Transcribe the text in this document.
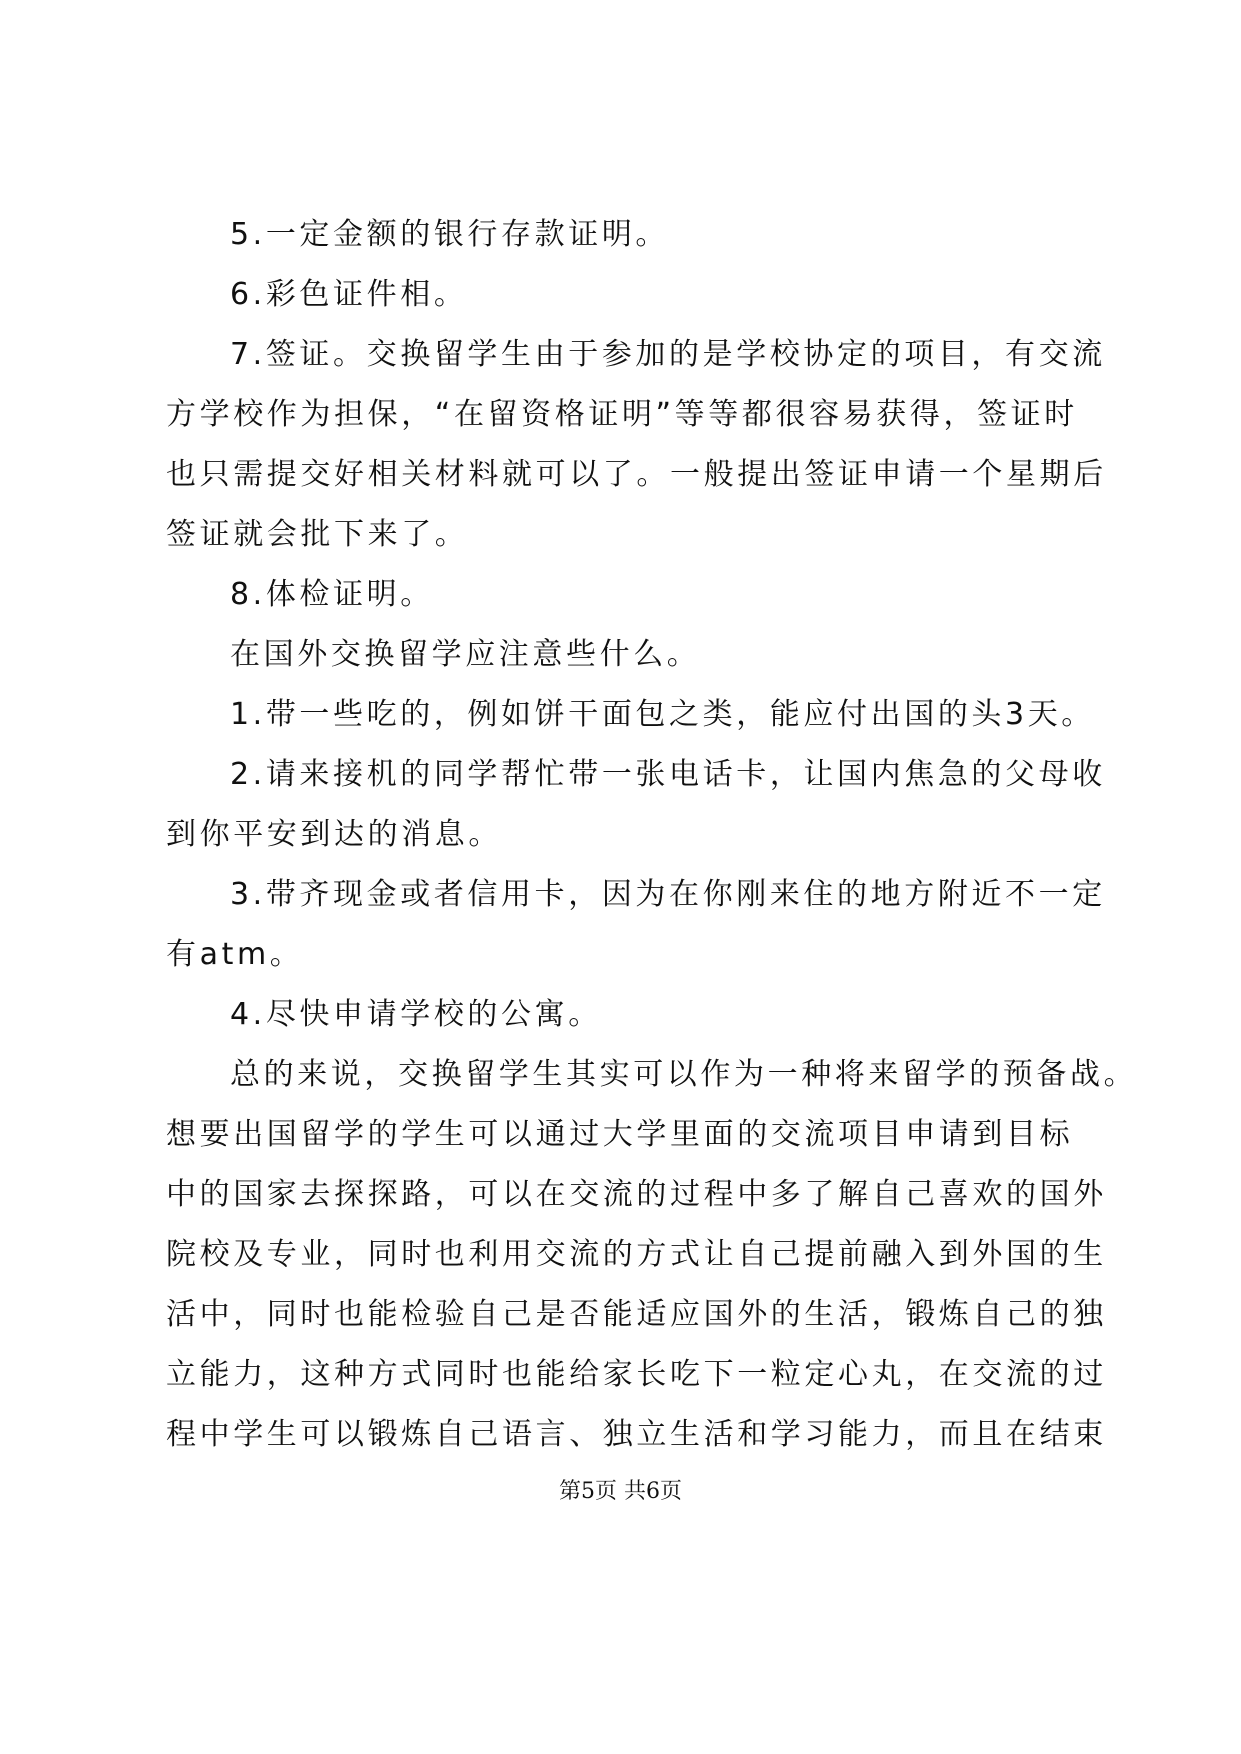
5.一定金额的银行存款证明。
6.彩色证件相。
7.签证。交换留学生由于参加的是学校协定的项目，有交流
方学校作为担保，“在留资格证明”等等都很容易获得，签证时
也只需提交好相关材料就可以了。一般提出签证申请一个星期后
签证就会批下来了。
8.体检证明。
在国外交换留学应注意些什么。
1.带一些吃的，例如饼干面包之类，能应付出国的头3天。
2.请来接机的同学帮忙带一张电话卡，让国内焦急的父母收
到你平安到达的消息。
3.带齐现金或者信用卡，因为在你刚来住的地方附近不一定
有atm。
4.尽快申请学校的公寓。
总的来说，交换留学生其实可以作为一种将来留学的预备战。
想要出国留学的学生可以通过大学里面的交流项目申请到目标
中的国家去探探路，可以在交流的过程中多了解自己喜欢的国外
院校及专业，同时也利用交流的方式让自己提前融入到外国的生
活中，同时也能检验自己是否能适应国外的生活，锻炼自己的独
立能力，这种方式同时也能给家长吃下一粒定心丸，在交流的过
程中学生可以锻炼自己语言、独立生活和学习能力，而且在结束
第5页 共6页
